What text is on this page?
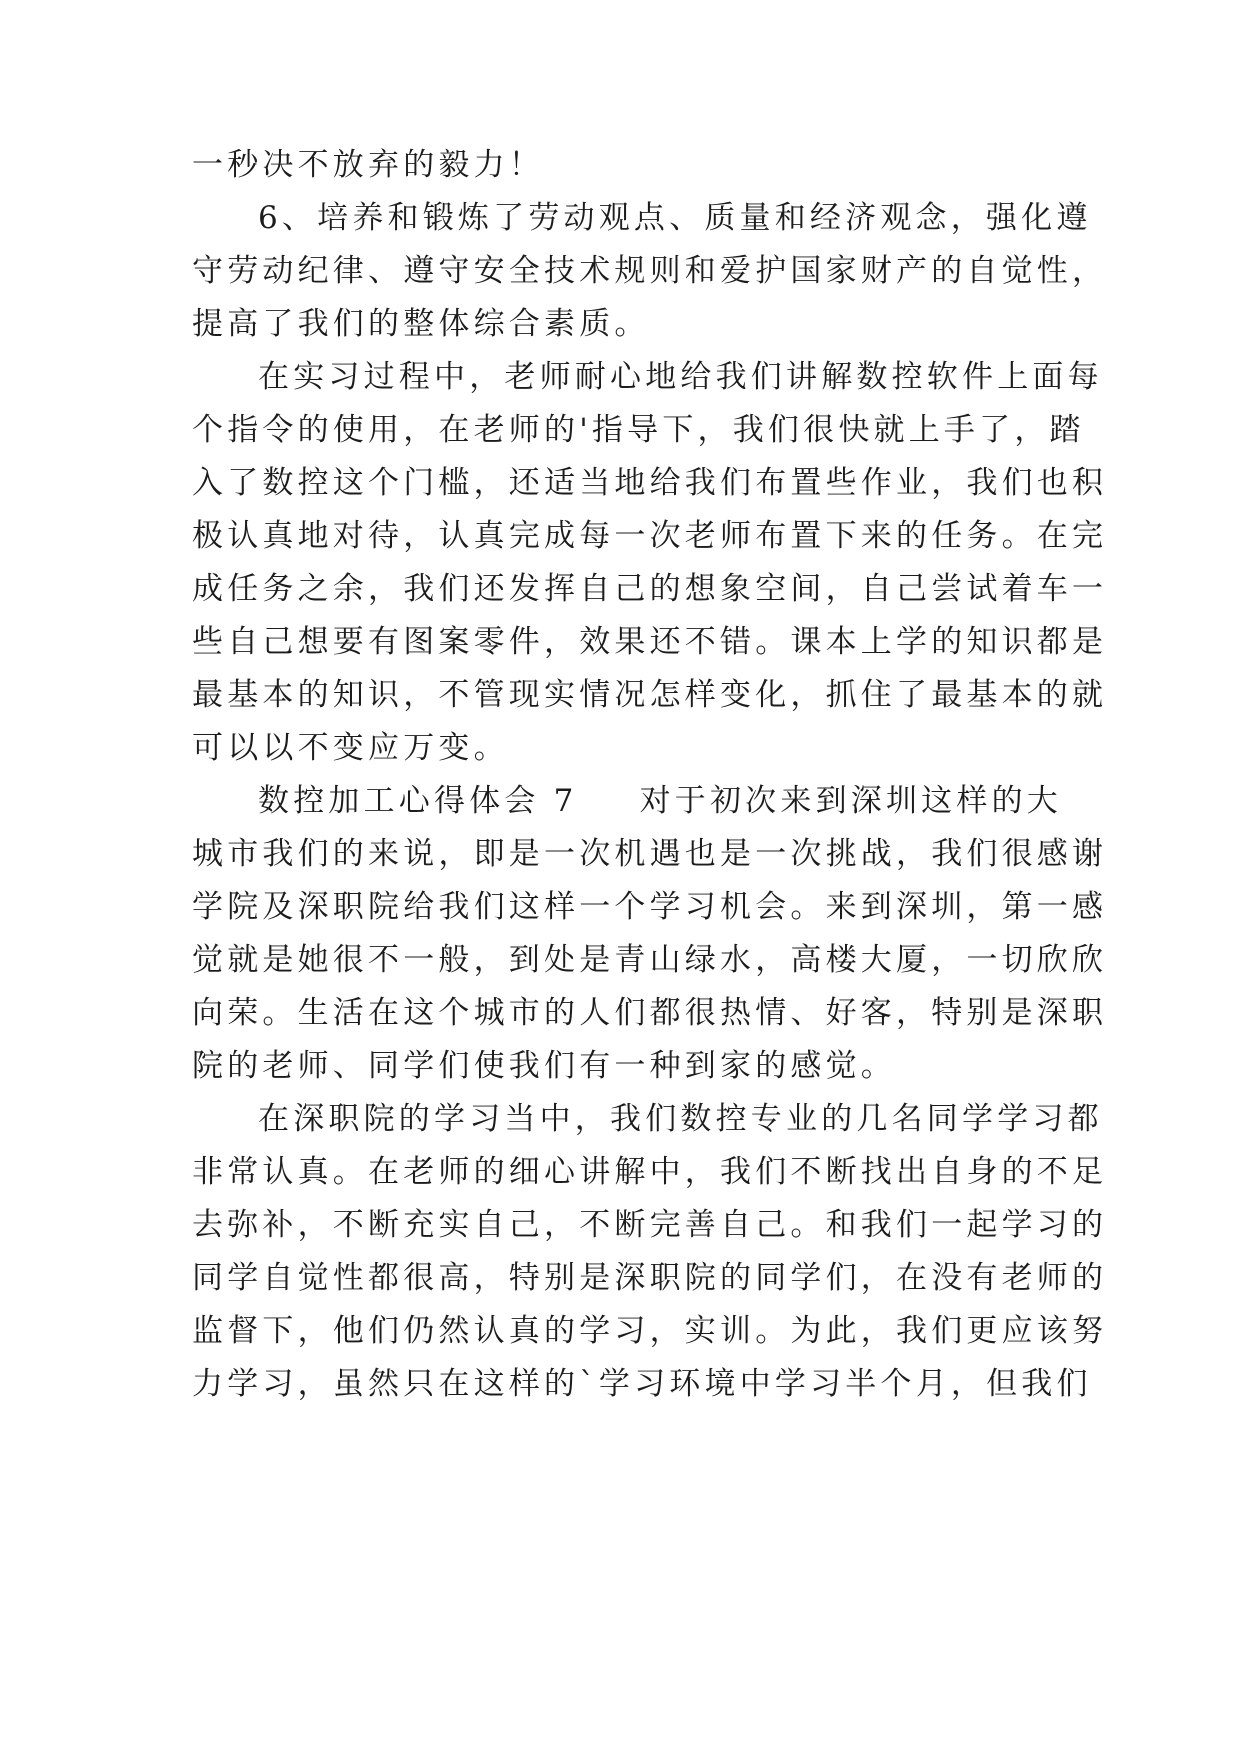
一秒决不放弃的毅力！
6、培养和锻炼了劳动观点、质量和经济观念，强化遵
守劳动纪律、遵守安全技术规则和爱护国家财产的自觉性，
提高了我们的整体综合素质。
在实习过程中，老师耐心地给我们讲解数控软件上面每
个指令的使用，在老师的'指导下，我们很快就上手了，踏
入了数控这个门槛，还适当地给我们布置些作业，我们也积
极认真地对待，认真完成每一次老师布置下来的任务。在完
成任务之余，我们还发挥自己的想象空间，自己尝试着车一
些自己想要有图案零件，效果还不错。课本上学的知识都是
最基本的知识，不管现实情况怎样变化，抓住了最基本的就
可以以不变应万变。
数控加工心得体会 7 对于初次来到深圳这样的大
城市我们的来说，即是一次机遇也是一次挑战，我们很感谢
学院及深职院给我们这样一个学习机会。来到深圳，第一感
觉就是她很不一般，到处是青山绿水，高楼大厦，一切欣欣
向荣。生活在这个城市的人们都很热情、好客，特别是深职
院的老师、同学们使我们有一种到家的感觉。
在深职院的学习当中，我们数控专业的几名同学学习都
非常认真。在老师的细心讲解中，我们不断找出自身的不足
去弥补，不断充实自己，不断完善自己。和我们一起学习的
同学自觉性都很高，特别是深职院的同学们，在没有老师的
监督下，他们仍然认真的学习，实训。为此，我们更应该努
力学习，虽然只在这样的`学习环境中学习半个月，但我们
